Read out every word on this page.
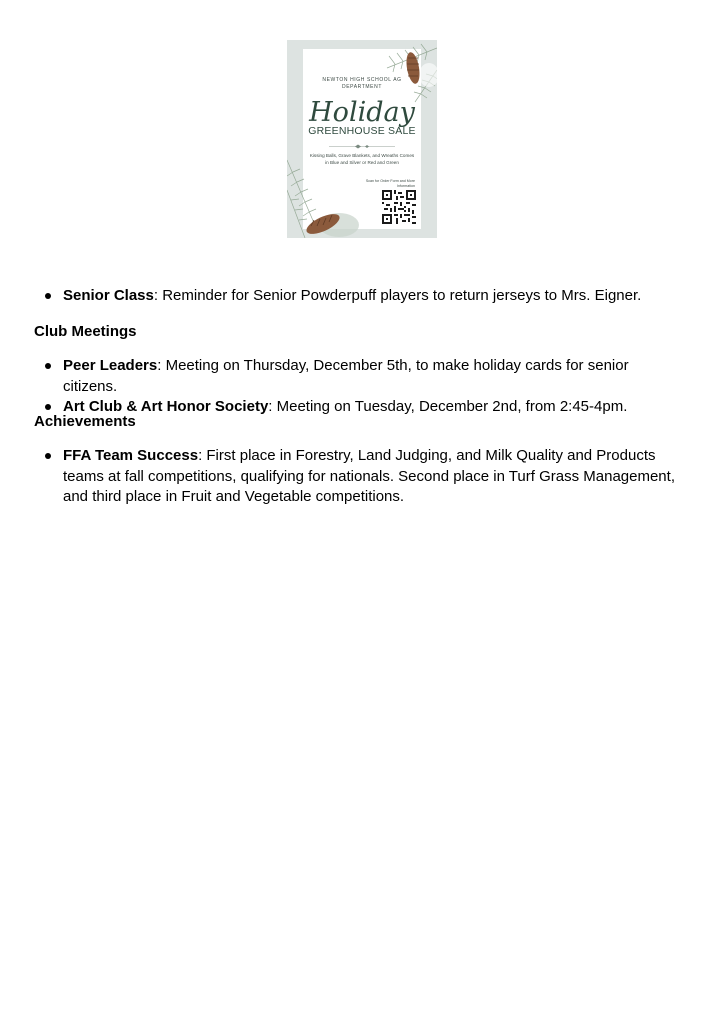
NEWTON HIGH SCHOOL AG DEPARTMENT
Holiday
GREENHOUSE SALE
Kissing Balls, Grave Blankets, and Wreaths Comes in Blue and Silver or Red and Green
Scan for Order Form and More Information
Senior Class: Reminder for Senior Powderpuff players to return jerseys to Mrs. Eigner.
Club Meetings
Peer Leaders: Meeting on Thursday, December 5th, to make holiday cards for senior citizens.
Art Club & Art Honor Society: Meeting on Tuesday, December 2nd, from 2:45-4pm.
Achievements
FFA Team Success: First place in Forestry, Land Judging, and Milk Quality and Products teams at fall competitions, qualifying for nationals. Second place in Turf Grass Management, and third place in Fruit and Vegetable competitions.
